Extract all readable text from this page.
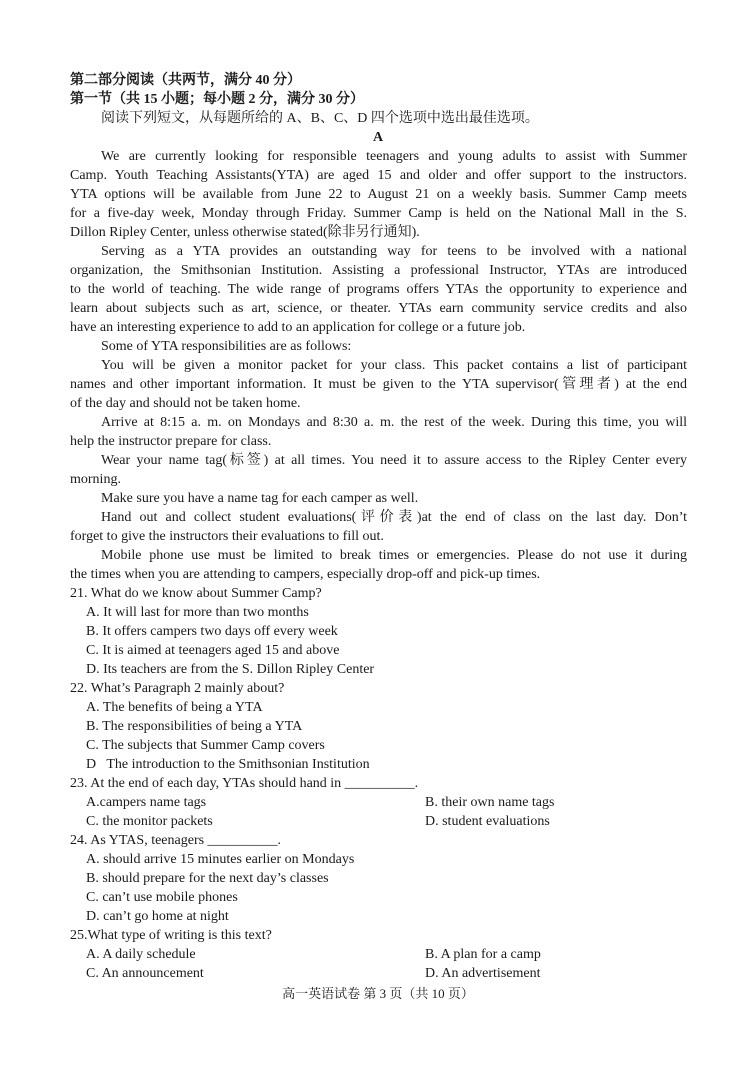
第二部分阅读（共两节，满分 40 分）
第一节（共 15 小题；每小题 2 分，满分 30 分）
阅读下列短文，从每题所给的 A、B、C、D 四个选项中选出最佳选项。
A
We are currently looking for responsible teenagers and young adults to assist with Summer
Camp. Youth Teaching Assistants(YTA) are aged 15 and older and offer support to the instructors.
YTA options will be available from June 22 to August 21 on a weekly basis. Summer Camp meets
for a five-day week, Monday through Friday. Summer Camp is held on the National Mall in the S.
Dillon Ripley Center, unless otherwise stated(除非另行通知).
Serving as a YTA provides an outstanding way for teens to be involved with a national
organization, the Smithsonian Institution. Assisting a professional Instructor, YTAs are introduced
to the world of teaching. The wide range of programs offers YTAs the opportunity to experience and
learn about subjects such as art, science, or theater. YTAs earn community service credits and also
have an interesting experience to add to an application for college or a future job.
Some of YTA responsibilities are as follows:
You will be given a monitor packet for your class. This packet contains a list of participant
names and other important information. It must be given to the YTA supervisor(管理者) at the end
of the day and should not be taken home.
Arrive at 8:15 a. m. on Mondays and 8:30 a. m. the rest of the week. During this time, you will
help the instructor prepare for class.
Wear your name tag(标签) at all times. You need it to assure access to the Ripley Center every
morning.
Make sure you have a name tag for each camper as well.
Hand out and collect student evaluations(评价表)at the end of class on the last day. Don’t
forget to give the instructors their evaluations to fill out.
Mobile phone use must be limited to break times or emergencies. Please do not use it during
the times when you are attending to campers, especially drop-off and pick-up times.
21. What do we know about Summer Camp?
A. It will last for more than two months
B. It offers campers two days off every week
C. It is aimed at teenagers aged 15 and above
D. Its teachers are from the S. Dillon Ripley Center
22. What’s Paragraph 2 mainly about?
A. The benefits of being a YTA
B. The responsibilities of being a YTA
C. The subjects that Summer Camp covers
D   The introduction to the Smithsonian Institution
23. At the end of each day, YTAs should hand in __________.
A.campers name tags	B. their own name tags
C. the monitor packets	D. student evaluations
24. As YTAS, teenagers __________.
A. should arrive 15 minutes earlier on Mondays
B. should prepare for the next day’s classes
C. can’t use mobile phones
D. can’t go home at night
25.What type of writing is this text?
A. A daily schedule	B. A plan for a camp
C. An announcement	D. An advertisement
高一英语试卷 第 3 页（共 10 页）
